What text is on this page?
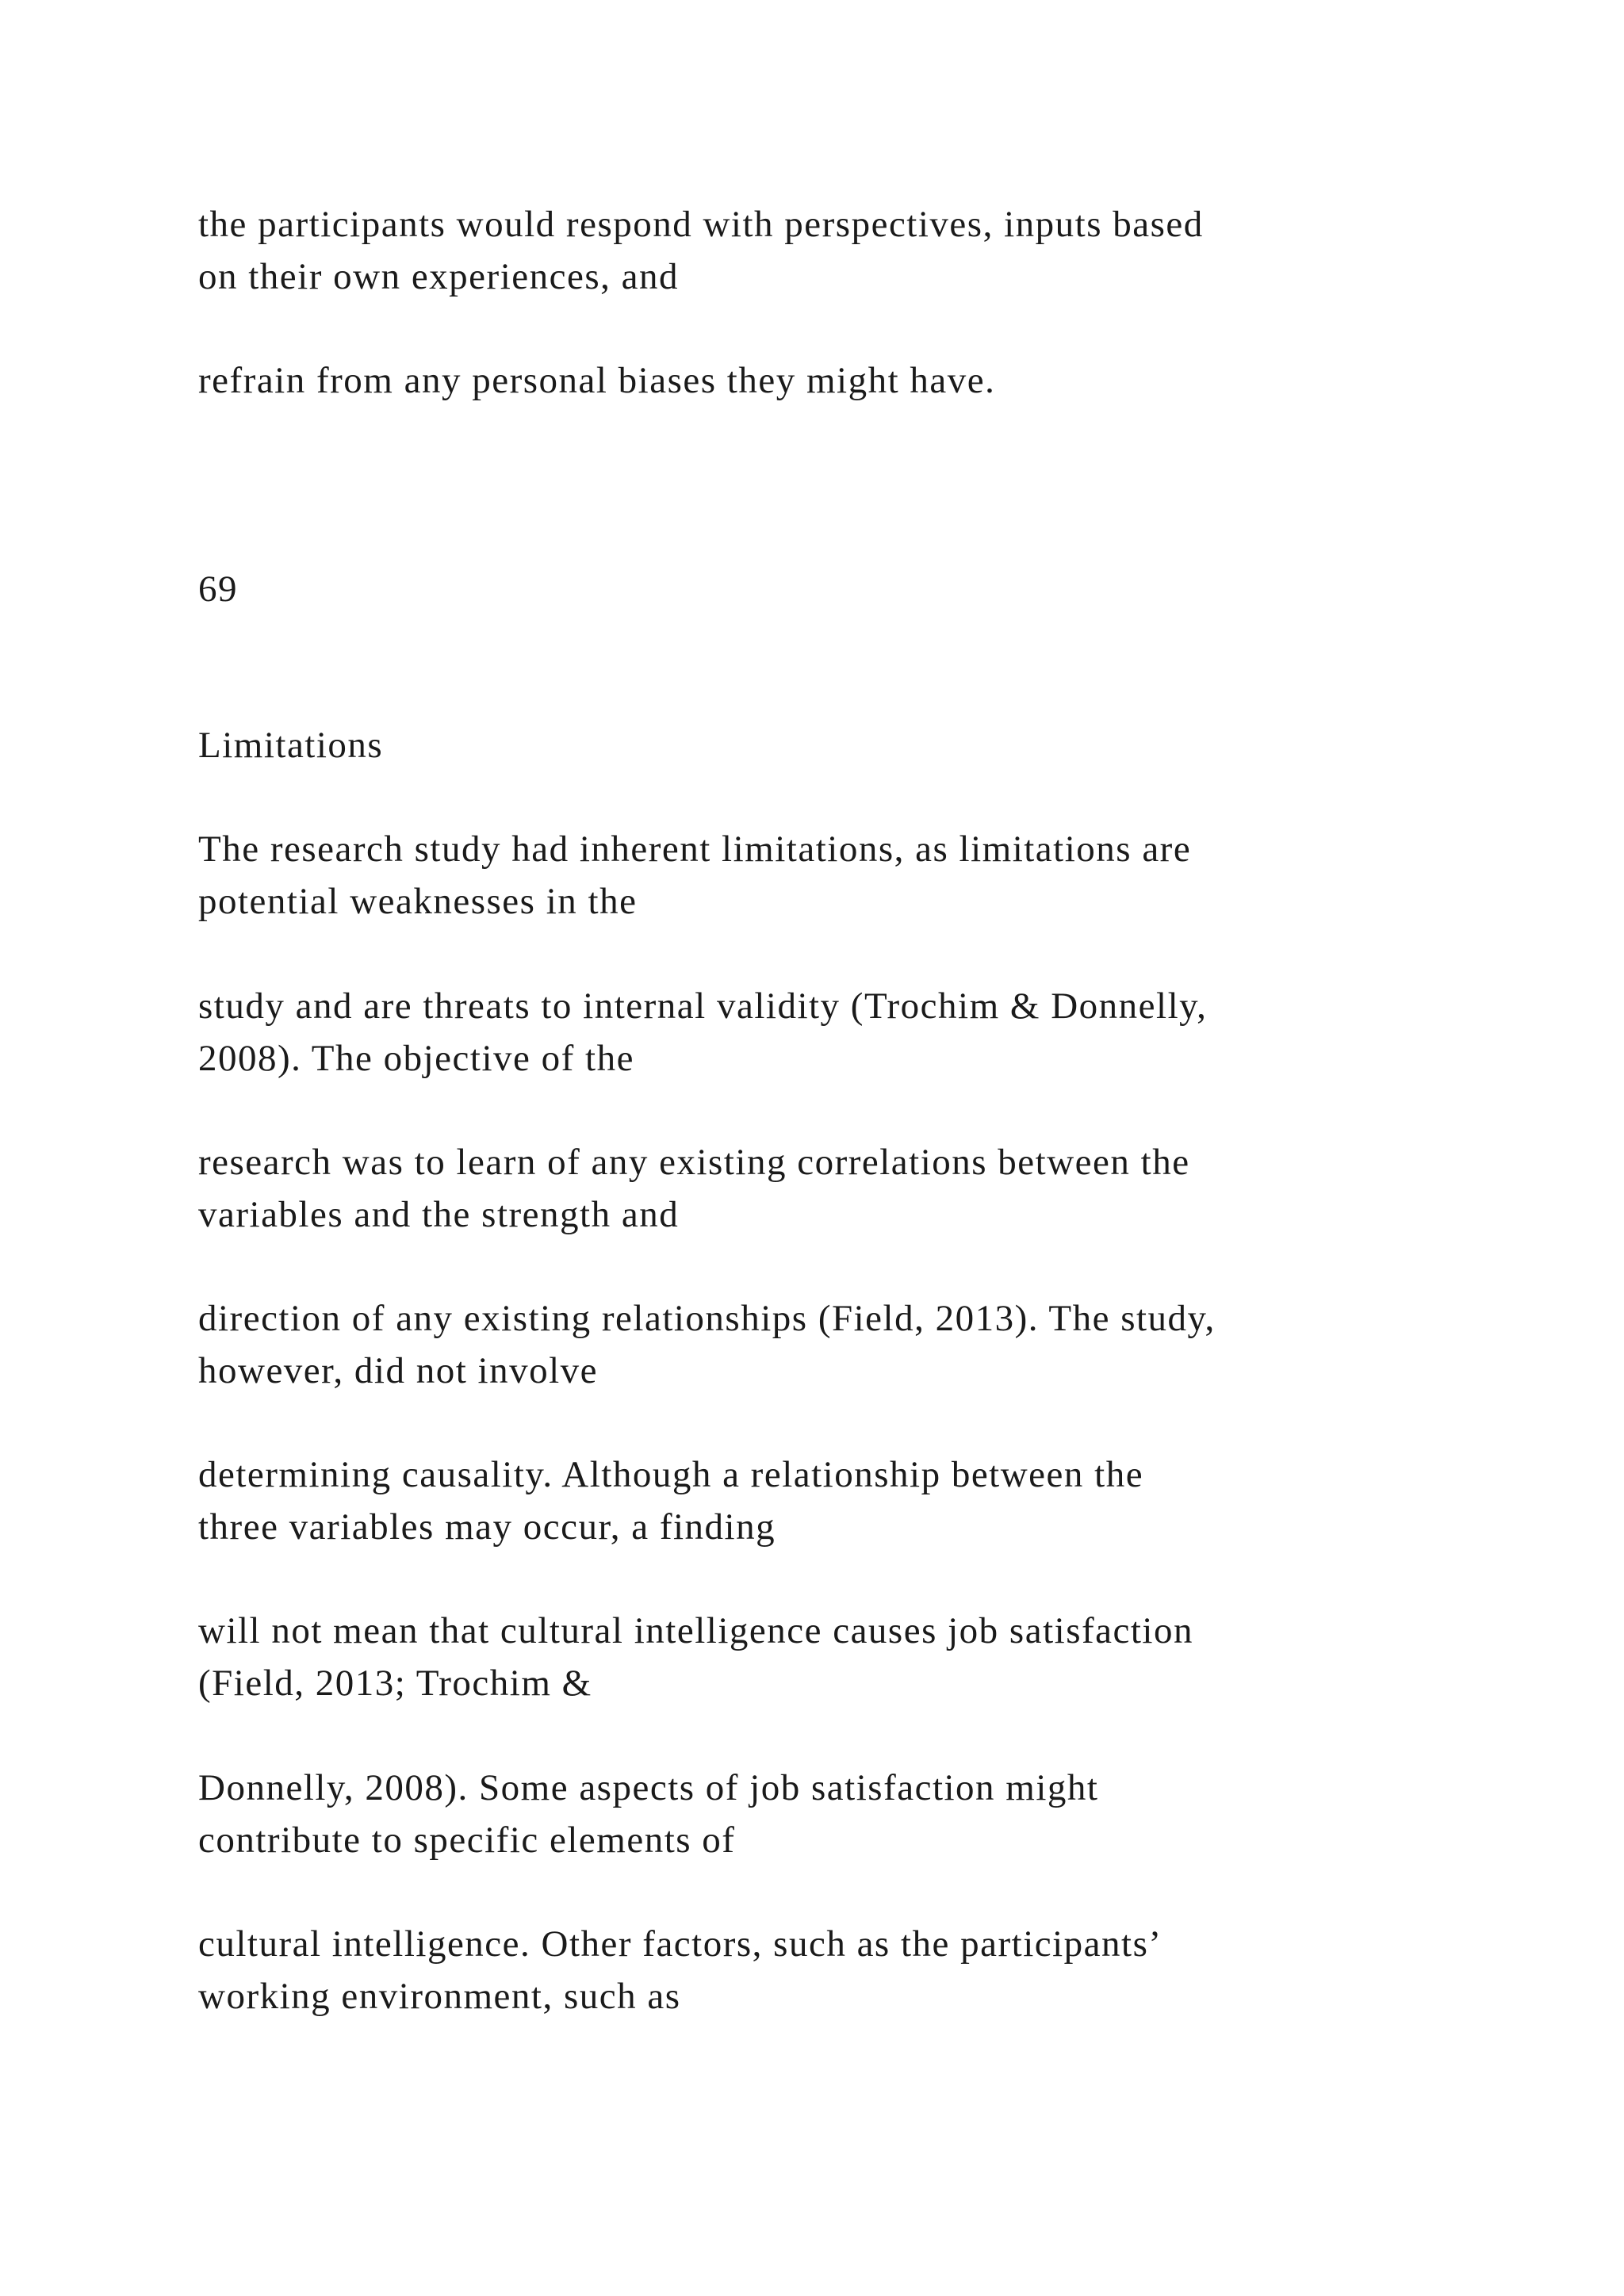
the participants would respond with perspectives, inputs based
on their own experiences, and

refrain from any personal biases they might have.

69

Limitations

The research study had inherent limitations, as limitations are
potential weaknesses in the

study and are threats to internal validity (Trochim & Donnelly,
2008). The objective of the

research was to learn of any existing correlations between the
variables and the strength and

direction of any existing relationships (Field, 2013). The study,
however, did not involve

determining causality. Although a relationship between the
three variables may occur, a finding

will not mean that cultural intelligence causes job satisfaction
(Field, 2013; Trochim &

Donnelly, 2008). Some aspects of job satisfaction might
contribute to specific elements of

cultural intelligence. Other factors, such as the participants’
working environment, such as
